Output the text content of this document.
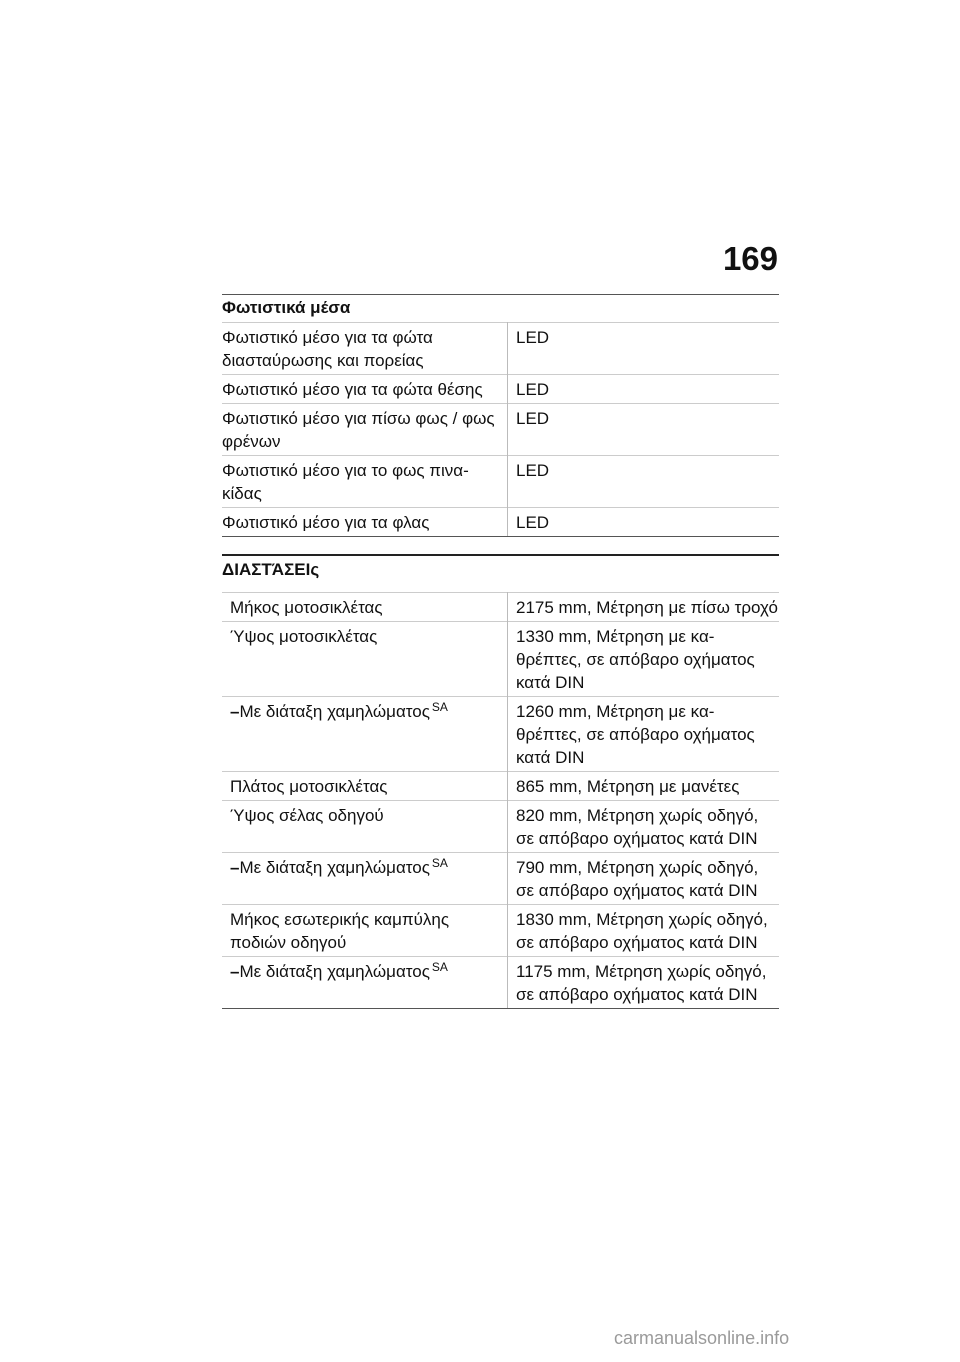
169
Φωτιστικά μέσα
Φωτιστικό μέσο για τα φώτα διασταύρωσης και πορείας	LED
Φωτιστικό μέσο για τα φώτα θέσης	LED
Φωτιστικό μέσο για πίσω φως / φως φρένων	LED
Φωτιστικό μέσο για το φως πινα- κίδας	LED
Φωτιστικό μέσο για τα φλας	LED
ΔΙΑΣΤΆΣΕΙς
Μήκος μοτοσικλέτας	2175 mm, Μέτρηση με πίσω τροχό
Ύψος μοτοσικλέτας	1330 mm, Μέτρηση με κα- θρέπτες, σε απόβαρο οχήματος κατά DIN
–Με διάταξη χαμηλώματος $^{SA}$	1260 mm, Μέτρηση με κα- θρέπτες, σε απόβαρο οχήματος κατά DIN
Πλάτος μοτοσικλέτας	865 mm, Μέτρηση με μανέτες
Ύψος σέλας οδηγού	820 mm, Μέτρηση χωρίς οδηγό, σε απόβαρο οχήματος κατά DIN
–Με διάταξη χαμηλώματος $^{SA}$	790 mm, Μέτρηση χωρίς οδηγό, σε απόβαρο οχήματος κατά DIN
Μήκος εσωτερικής καμπύλης ποδιών οδηγού	1830 mm, Μέτρηση χωρίς οδηγό, σε απόβαρο οχήματος κατά DIN
–Με διάταξη χαμηλώματος $^{SA}$	1175 mm, Μέτρηση χωρίς οδηγό, σε απόβαρο οχήματος κατά DIN
carmanualsonline.info
